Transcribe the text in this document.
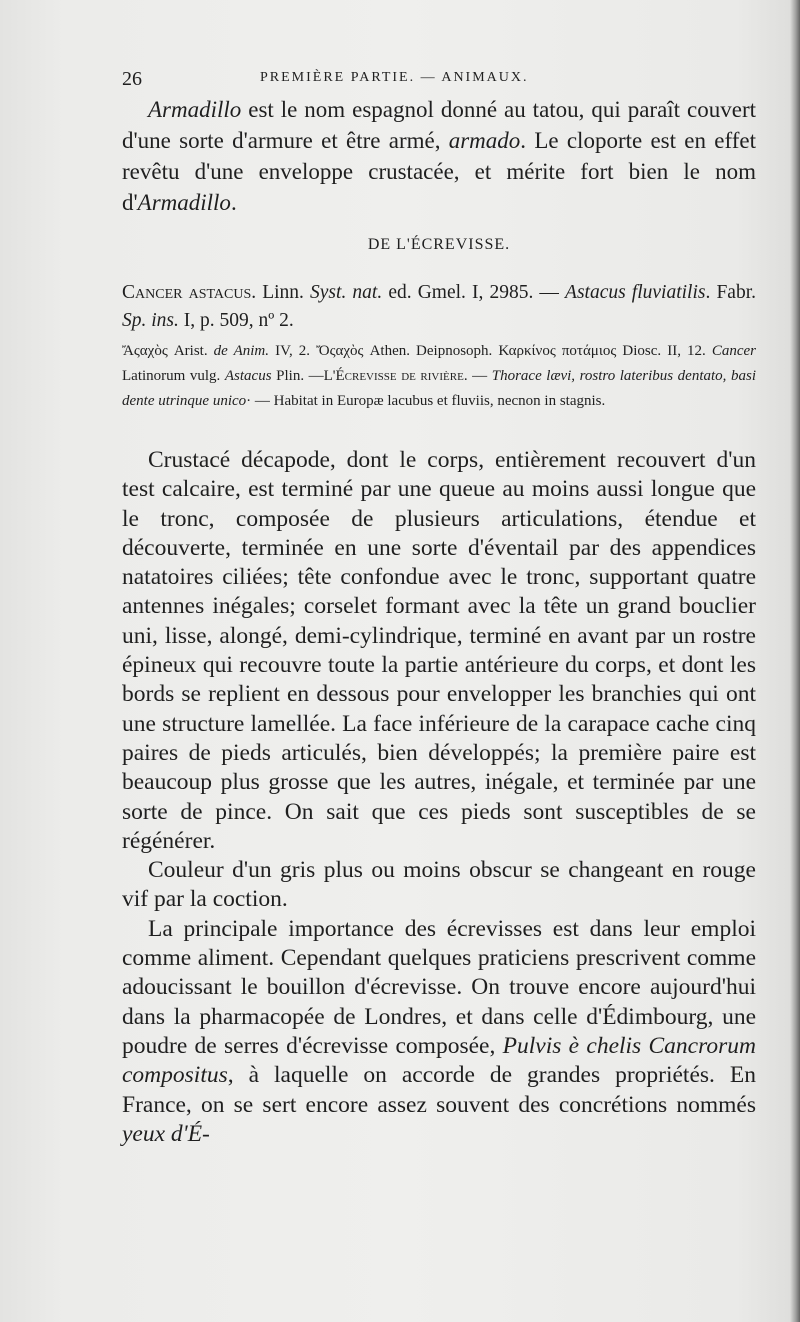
26	PREMIÈRE PARTIE. — ANIMAUX.

Armadillo est le nom espagnol donné au tatou, qui paraît couvert d'une sorte d'armure et être armé, armado. Le cloporte est en effet revêtu d'une enveloppe crustacée, et mérite fort bien le nom d'Armadillo.

DE L'ÉCREVISSE.
Cancer astacus. Linn. Syst. nat. ed. Gmel. I, 2985. — Astacus fluviatilis. Fabr. Sp. ins. I, p. 509, nº 2.
Ἄςαχὸς Arist. de Anim. IV, 2. Ὄςαχὸς Athen. Deipnosoph. Καρκίνος ποτάμιος Diosc. II, 12. Cancer Latinorum vulg. Astacus Plin. —L'Écrevisse de rivière. — Thorace lævi, rostro lateribus dentato, basi dente utrinque unico· — Habitat in Europæ lacubus et fluviis, necnon in stagnis.

Crustacé décapode, dont le corps, entièrement recouvert d'un test calcaire, est terminé par une queue au moins aussi longue que le tronc, composée de plusieurs articulations, étendue et découverte, terminée en une sorte d'éventail par des appendices natatoires ciliées; tête confondue avec le tronc, supportant quatre antennes inégales; corselet formant avec la tête un grand bouclier uni, lisse, alongé, demi-cylindrique, terminé en avant par un rostre épineux qui recouvre toute la partie antérieure du corps, et dont les bords se replient en dessous pour envelopper les branchies qui ont une structure lamellée. La face inférieure de la carapace cache cinq paires de pieds articulés, bien développés; la première paire est beaucoup plus grosse que les autres, inégale, et terminée par une sorte de pince. On sait que ces pieds sont susceptibles de se régénérer.

Couleur d'un gris plus ou moins obscur se changeant en rouge vif par la coction.

La principale importance des écrevisses est dans leur emploi comme aliment. Cependant quelques praticiens prescrivent comme adoucissant le bouillon d'écrevisse. On trouve encore aujourd'hui dans la pharmacopée de Londres, et dans celle d'Édimbourg, une poudre de serres d'écrevisse composée, Pulvis è chelis Cancrorum compositus, à laquelle on accorde de grandes propriétés. En France, on se sert encore assez souvent des concrétions nommés yeux d'É-
